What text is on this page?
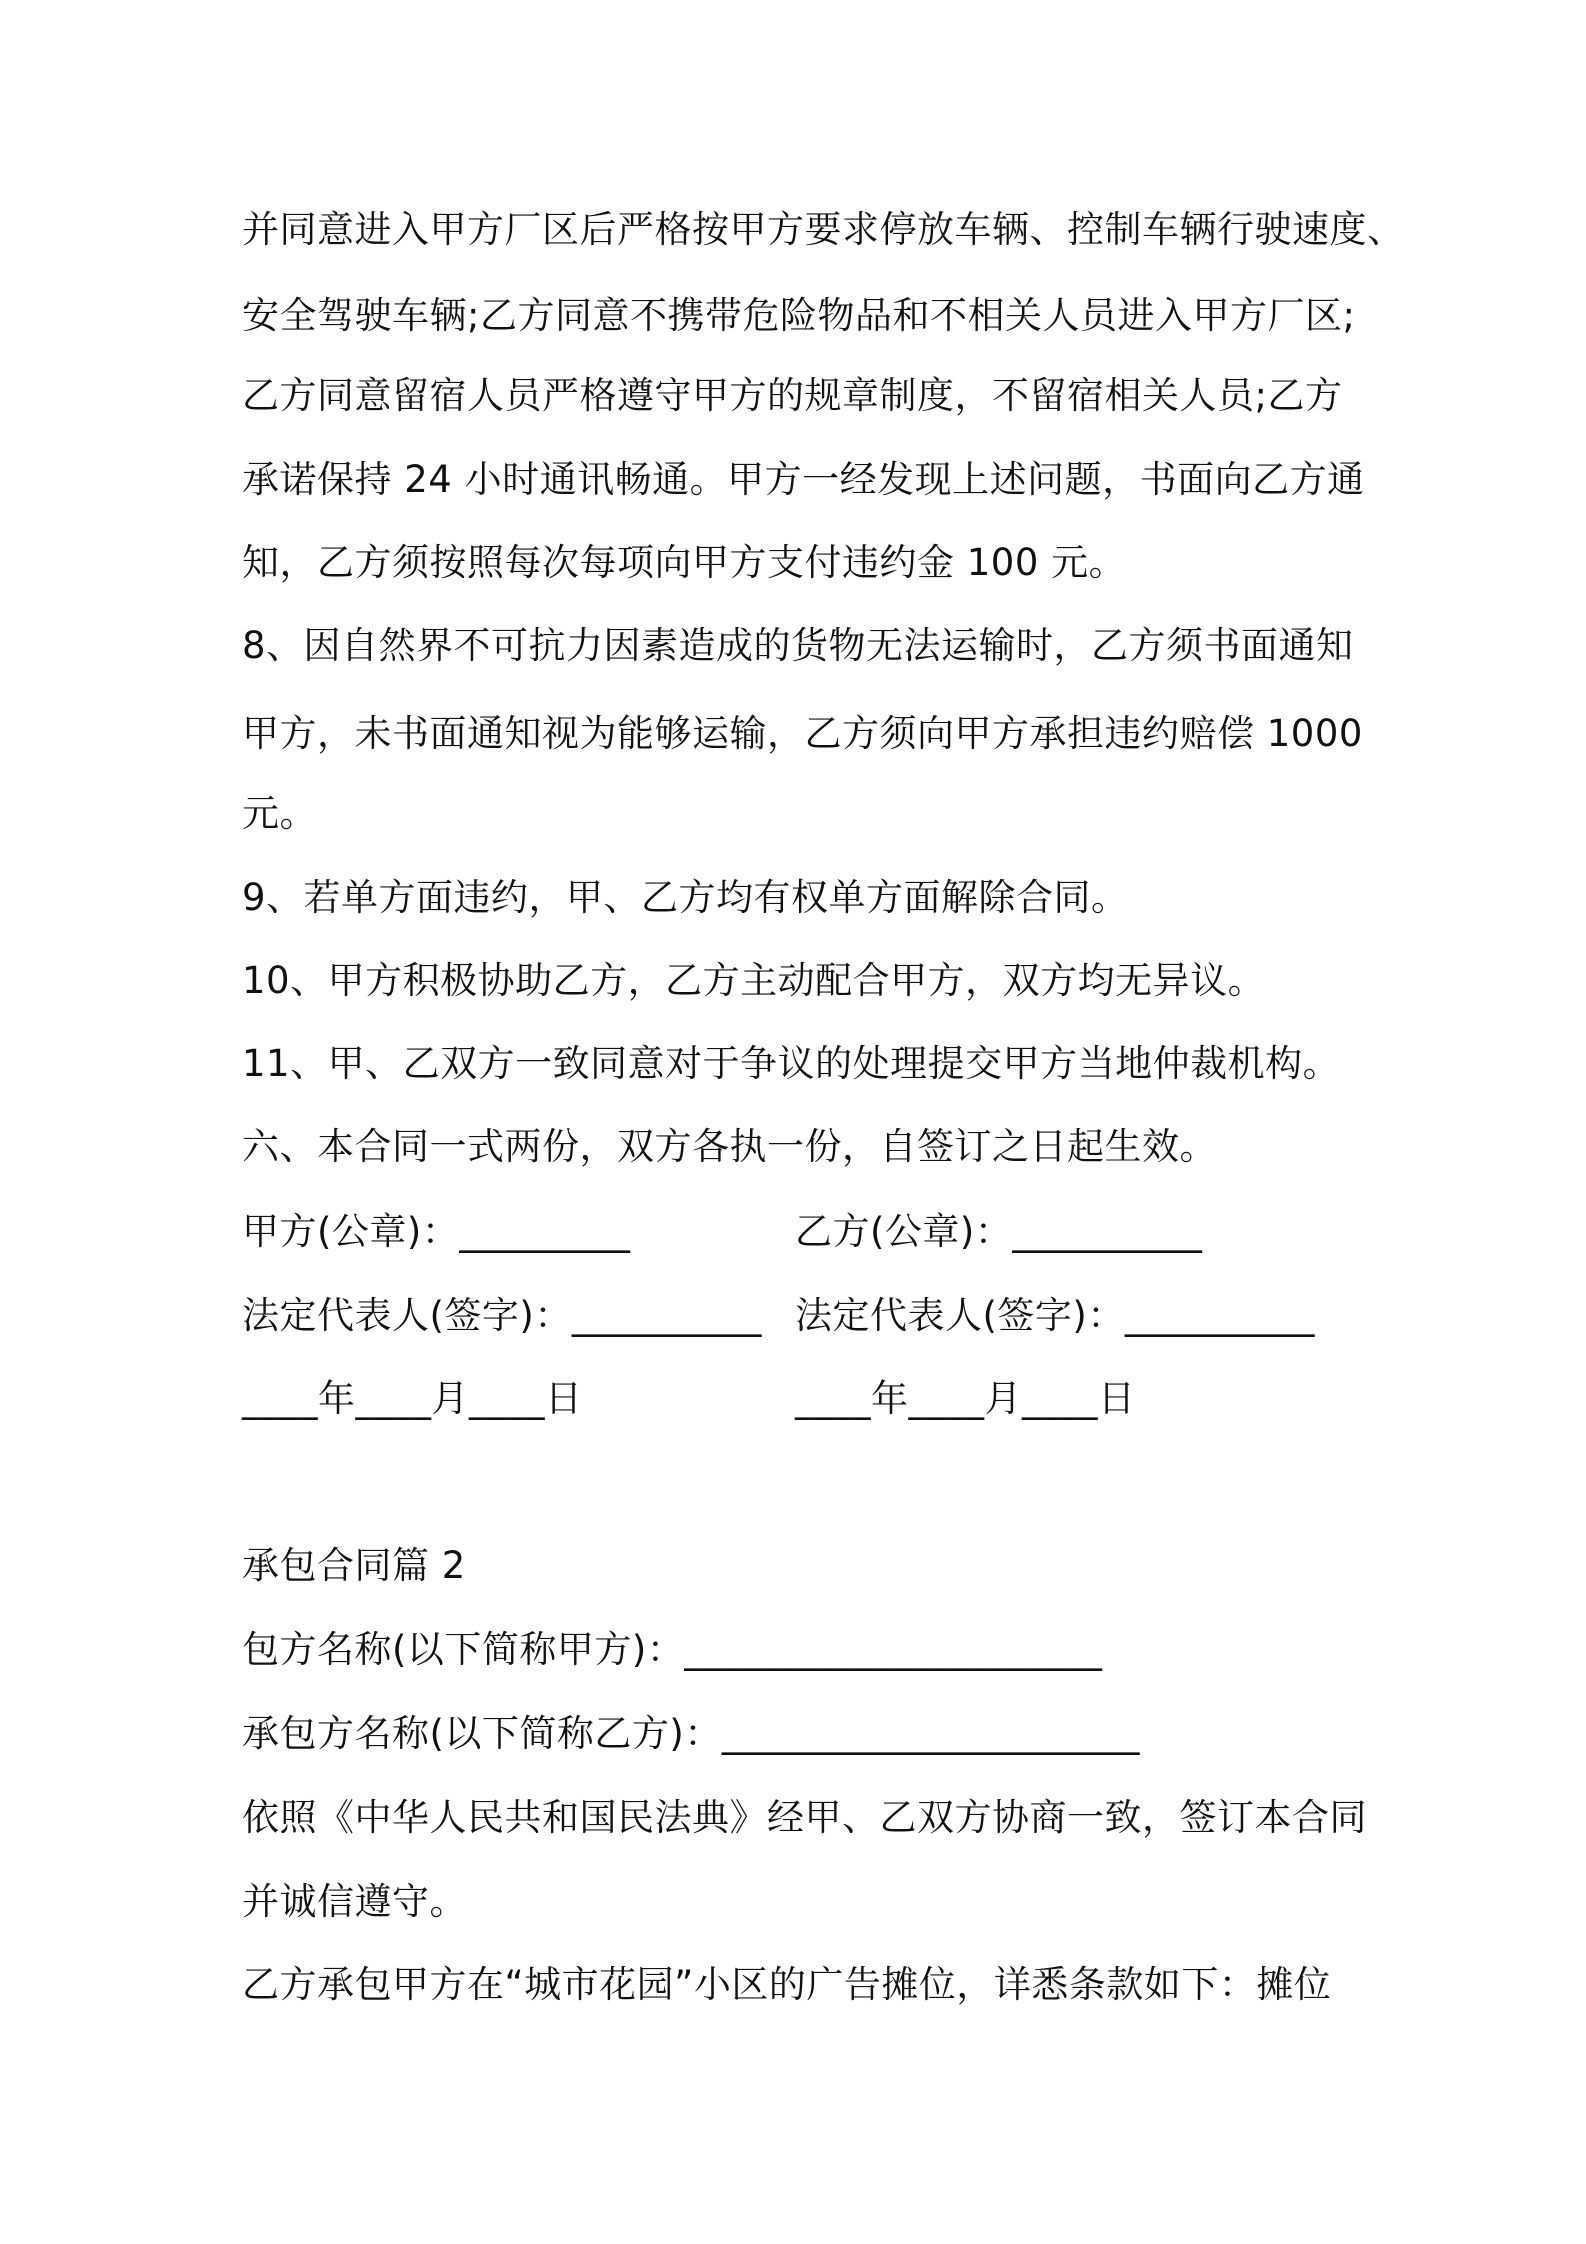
并同意进入甲方厂区后严格按甲方要求停放车辆、控制车辆行驶速度、
安全驾驶车辆;乙方同意不携带危险物品和不相关人员进入甲方厂区;
乙方同意留宿人员严格遵守甲方的规章制度，不留宿相关人员;乙方
承诺保持 24 小时通讯畅通。甲方一经发现上述问题，书面向乙方通
知，乙方须按照每次每项向甲方支付违约金 100 元。
8、因自然界不可抗力因素造成的货物无法运输时，乙方须书面通知
甲方，未书面通知视为能够运输，乙方须向甲方承担违约赔偿 1000
元。
9、若单方面违约，甲、乙方均有权单方面解除合同。
10、甲方积极协助乙方，乙方主动配合甲方，双方均无异议。
11、甲、乙双方一致同意对于争议的处理提交甲方当地仲裁机构。
六、本合同一式两份，双方各执一份，自签订之日起生效。
甲方(公章)：_________	乙方(公章)：__________
法定代表人(签字)：__________ 法定代表人(签字)：__________
____年____月____日	____年____月____日
承包合同篇 2
包方名称(以下简称甲方)：______________________
承包方名称(以下简称乙方)：______________________
依照《中华人民共和国民法典》经甲、乙双方协商一致，签订本合同
并诚信遵守。
乙方承包甲方在“城市花园”小区的广告摊位，详悉条款如下：摊位
